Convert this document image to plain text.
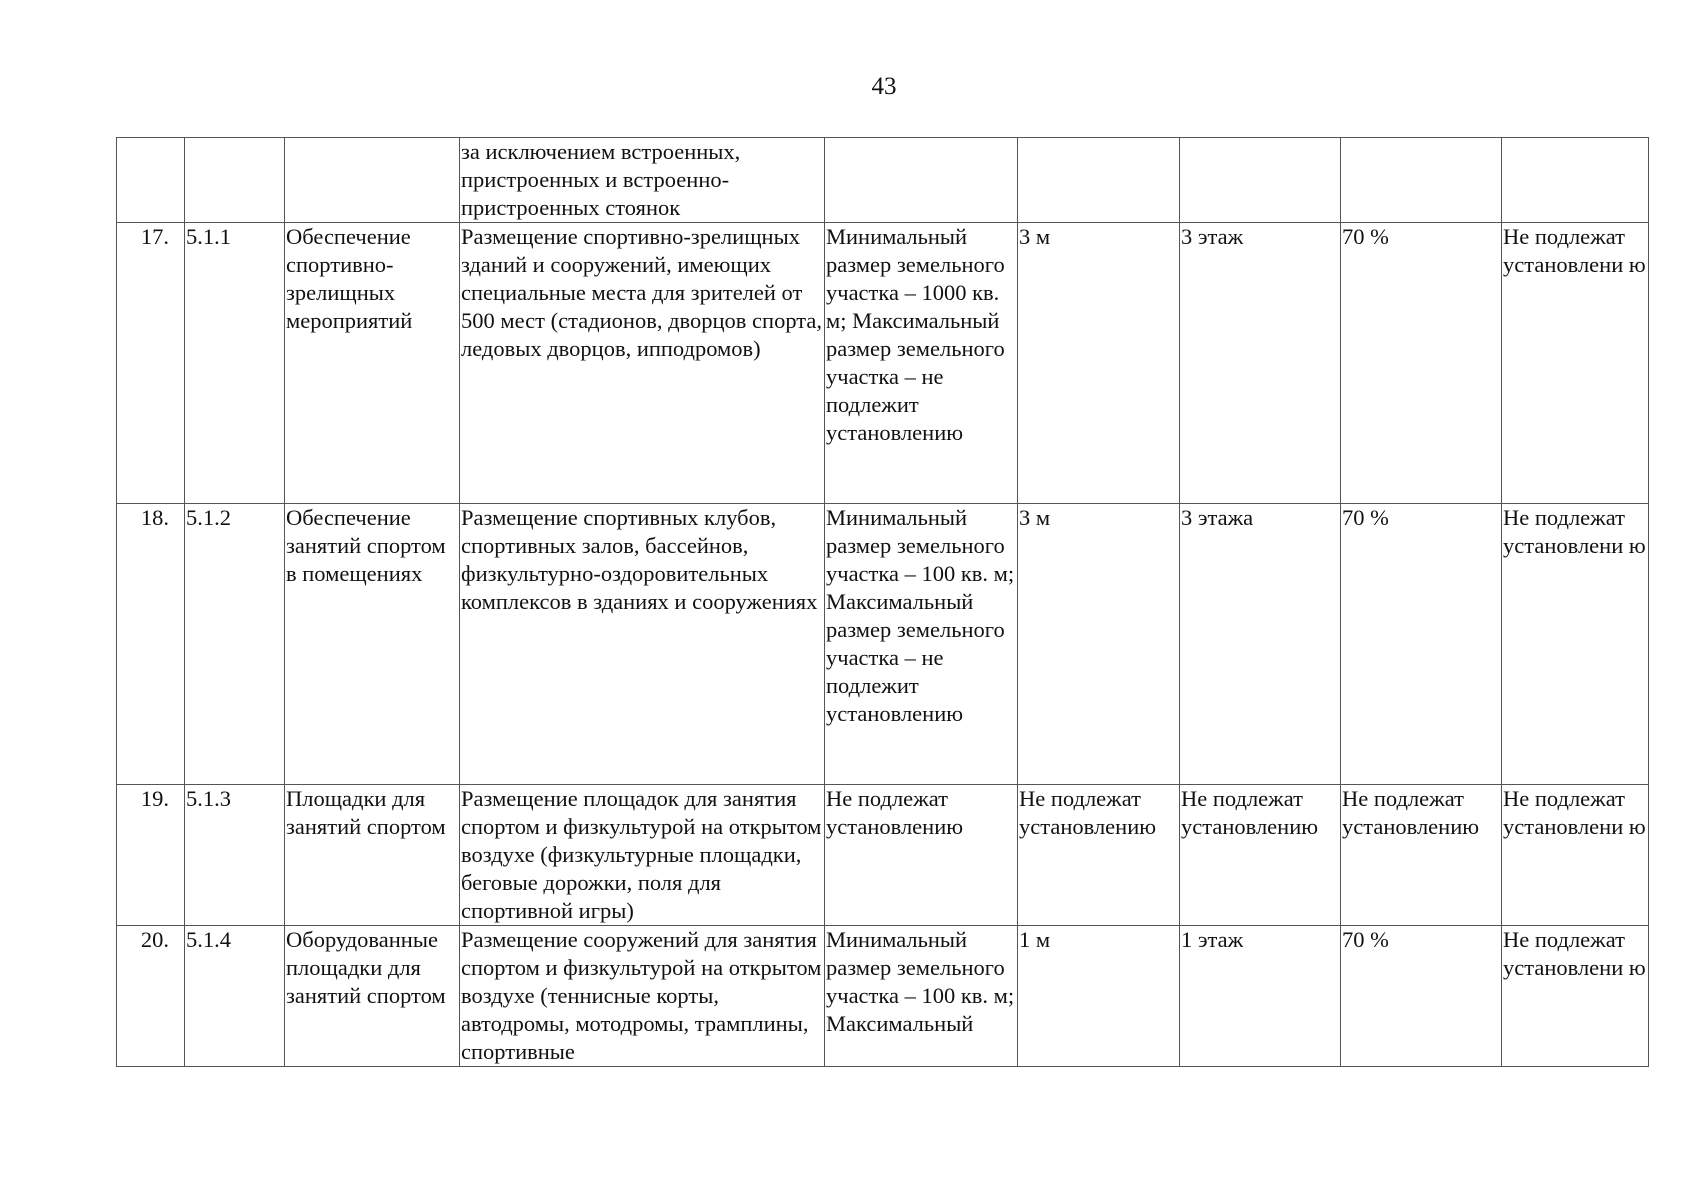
43
			за исключением встроенных, пристроенных и встроенно-пристроенных стоянок					
17.	5.1.1	Обеспечение спортивно-зрелищных мероприятий	Размещение спортивно-зрелищных зданий и сооружений, имеющих специальные места для зрителей от 500 мест (стадионов, дворцов спорта, ледовых дворцов, ипподромов)	Минимальный размер земельного участка – 1000 кв. м; Максимальный размер земельного участка – не подлежит установлению	3 м	3 этаж	70 %	Не подлежат установлени ю
18.	5.1.2	Обеспечение занятий спортом в помещениях	Размещение спортивных клубов, спортивных залов, бассейнов, физкультурно-оздоровительных комплексов в зданиях и сооружениях	Минимальный размер земельного участка – 100 кв. м; Максимальный размер земельного участка – не подлежит установлению	3 м	3 этажа	70 %	Не подлежат установлени ю
19.	5.1.3	Площадки для занятий спортом	Размещение площадок для занятия спортом и физкультурой на открытом воздухе (физкультурные площадки, беговые дорожки, поля для спортивной игры)	Не подлежат установлению	Не подлежат установлению	Не подлежат установлению	Не подлежат установлению	Не подлежат установлени ю
20.	5.1.4	Оборудованные площадки для занятий спортом	Размещение сооружений для занятия спортом и физкультурой на открытом воздухе (теннисные корты, автодромы, мотодромы, трамплины, спортивные	Минимальный размер земельного участка – 100 кв. м; Максимальный	1 м	1 этаж	70 %	Не подлежат установлени ю
